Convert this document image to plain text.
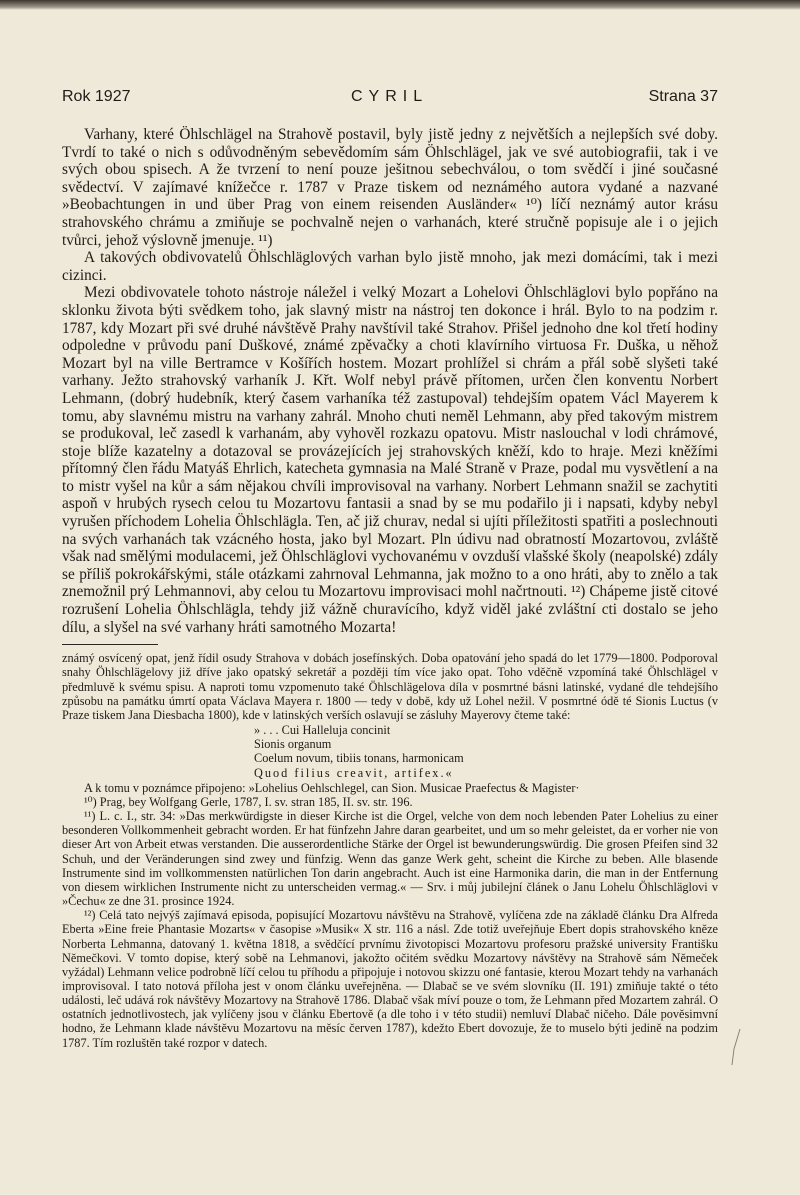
Rok 1927	CYRIL	Strana 37

Varhany, které Öhlschlägel na Strahově postavil, byly jistě jedny z největších a nejlepších své doby. Tvrdí to také o nich s odůvodněným sebevědomím sám Öhlschlägel, jak ve své autobiografii, tak i ve svých obou spisech. A že tvrzení to není pouze ješitnou sebechválou, o tom svědčí i jiné současné svědectví. V zajímavé knížečce r. 1787 v Praze tiskem od neznámého autora vydané a nazvané »Beobachtungen in und über Prag von einem reisenden Ausländer« ¹⁰) líčí neznámý autor krásu strahovského chrámu a zmiňuje se pochvalně nejen o varhanách, které stručně popisuje ale i o jejich tvůrci, jehož výslovně jmenuje. ¹¹)

A takových obdivovatelů Öhlschläglových varhan bylo jistě mnoho, jak mezi domácími, tak i mezi cizinci.

Mezi obdivovatele tohoto nástroje náležel i velký Mozart a Lohelovi Öhlschläglovi bylo popřáno na sklonku života býti svědkem toho, jak slavný mistr na nástroj ten dokonce i hrál. Bylo to na podzim r. 1787, kdy Mozart při své druhé návštěvě Prahy navštívil také Strahov. Přišel jednoho dne kol třetí hodiny odpoledne v průvodu paní Duškové, známé zpěvačky a choti klavírního virtuosa Fr. Duška, u něhož Mozart byl na ville Bertramce v Košířích hostem. Mozart prohlížel si chrám a přál sobě slyšeti také varhany. Ježto strahovský varhaník J. Křt. Wolf nebyl právě přítomen, určen člen konventu Norbert Lehmann, (dobrý hudebník, který časem varhaníka též zastupoval) tehdejším opatem Václ Mayerem k tomu, aby slavnému mistru na varhany zahrál. Mnoho chuti neměl Lehmann, aby před takovým mistrem se produkoval, leč zasedl k varhanám, aby vyhověl rozkazu opatovu. Mistr naslouchal v lodi chrámové, stoje blíže kazatelny a dotazoval se provázejících jej strahovských kněží, kdo to hraje. Mezi kněžími přítomný člen řádu Matyáš Ehrlich, katecheta gymnasia na Malé Straně v Praze, podal mu vysvětlení a na to mistr vyšel na kůr a sám nějakou chvíli improvisoval na varhany. Norbert Lehmann snažil se zachytiti aspoň v hrubých rysech celou tu Mozartovu fantasii a snad by se mu podařilo ji i napsati, kdyby nebyl vyrušen příchodem Lohelia Öhlschlägla. Ten, ač již churav, nedal si ujíti příležitosti spatřiti a poslechnouti na svých varhanách tak vzácného hosta, jako byl Mozart. Pln údivu nad obratností Mozartovou, zvláště však nad smělými modulacemi, jež Öhlschläglovi vychovanému v ovzduší vlašské školy (neapolské) zdály se příliš pokrokářskými, stále otázkami zahrnoval Lehmanna, jak možno to a ono hráti, aby to znělo a tak znemožnil prý Lehmannovi, aby celou tu Mozartovu improvisaci mohl načrtnouti. ¹²) Chápeme jistě citové rozrušení Lohelia Öhlschlägla, tehdy již vážně churavícího, když viděl jaké zvláštní cti dostalo se jeho dílu, a slyšel na své varhany hráti samotného Mozarta!

známý osvícený opat, jenž řídil osudy Strahova v dobách josefínských. Doba opatování jeho spadá do let 1779—1800. Podporoval snahy Öhlschlägelovy již dříve jako opatský sekretář a později tím více jako opat. Toho vděčně vzpomíná také Öhlschlägel v předmluvě k svému spisu. A naproti tomu vzpomenuto také Öhlschlägelova díla v posmrtné básni latinské, vydané dle tehdejšího způsobu na památku úmrtí opata Václava Mayera r. 1800 — tedy v době, kdy už Lohel nežil. V posmrtné ódě té Sionis Luctus (v Praze tiskem Jana Diesbacha 1800), kde v latinských verších oslavují se zásluhy Mayerovy čteme také:

» . . . Cui Halleluja concinit
Sionis organum
Coelum novum, tibiis tonans, harmonicam
Quod filius creavit, artifex.«

A k tomu v poznámce připojeno: »Lohelius Oehlschlegel, can Sion. Musicae Praefectus & Magister·

¹⁰) Prag, bey Wolfgang Gerle, 1787, I. sv. stran 185, II. sv. str. 196.

¹¹) L. c. I., str. 34: »Das merkwürdigste in dieser Kirche ist die Orgel, velche von dem noch lebenden Pater Lohelius zu einer besonderen Vollkommenheit gebracht worden. Er hat fünfzehn Jahre daran gearbeitet, und um so mehr geleistet, da er vorher nie von dieser Art von Arbeit etwas verstanden. Die ausserordentliche Stärke der Orgel ist bewunderungswürdig. Die grosen Pfeifen sind 32 Schuh, und der Veränderungen sind zwey und fünfzig. Wenn das ganze Werk geht, scheint die Kirche zu beben. Alle blasende Instrumente sind im vollkommensten natürlichen Ton darin angebracht. Auch ist eine Harmonika darin, die man in der Entfernung von diesem wirklichen Instrumente nicht zu unterscheiden vermag.« — Srv. i můj jubilejní článek o Janu Lohelu Öhlschläglovi v »Čechu« ze dne 31. prosince 1924.

¹²) Celá tato nejvýš zajímavá episoda, popisující Mozartovu návštěvu na Strahově, vylíčena zde na základě článku Dra Alfreda Eberta »Eine freie Phantasie Mozarts« v časopise »Musik« X str. 116 a násl. Zde totiž uveřejňuje Ebert dopis strahovského kněze Norberta Lehmanna, datovaný 1. května 1818, a svědčící prvnímu životopisci Mozartovu profesoru pražské university Františku Němečkovi. V tomto dopise, který sobě na Lehmanovi, jakožto očitém svědku Mozartovy návštěvy na Strahově sám Němeček vyžádal) Lehmann velice podrobně líčí celou tu příhodu a připojuje i notovou skizzu oné fantasie, kterou Mozart tehdy na varhanách improvisoval. I tato notová příloha jest v onom článku uveřejněna. — Dlabač se ve svém slovníku (II. 191) zmiňuje takté o této události, leč udává rok návštěvy Mozartovy na Strahově 1786. Dlabač však míví pouze o tom, že Lehmann před Mozartem zahrál. O ostatních jednotlivostech, jak vylíčeny jsou v článku Ebertově (a dle toho i v této studii) nemluví Dlabač ničeho. Dále pověsimvní hodno, že Lehmann klade návštěvu Mozartovu na měsíc červen 1787), kdežto Ebert dovozuje, že to muselo býti jedině na podzim 1787. Tím rozluštěn také rozpor v datech.
